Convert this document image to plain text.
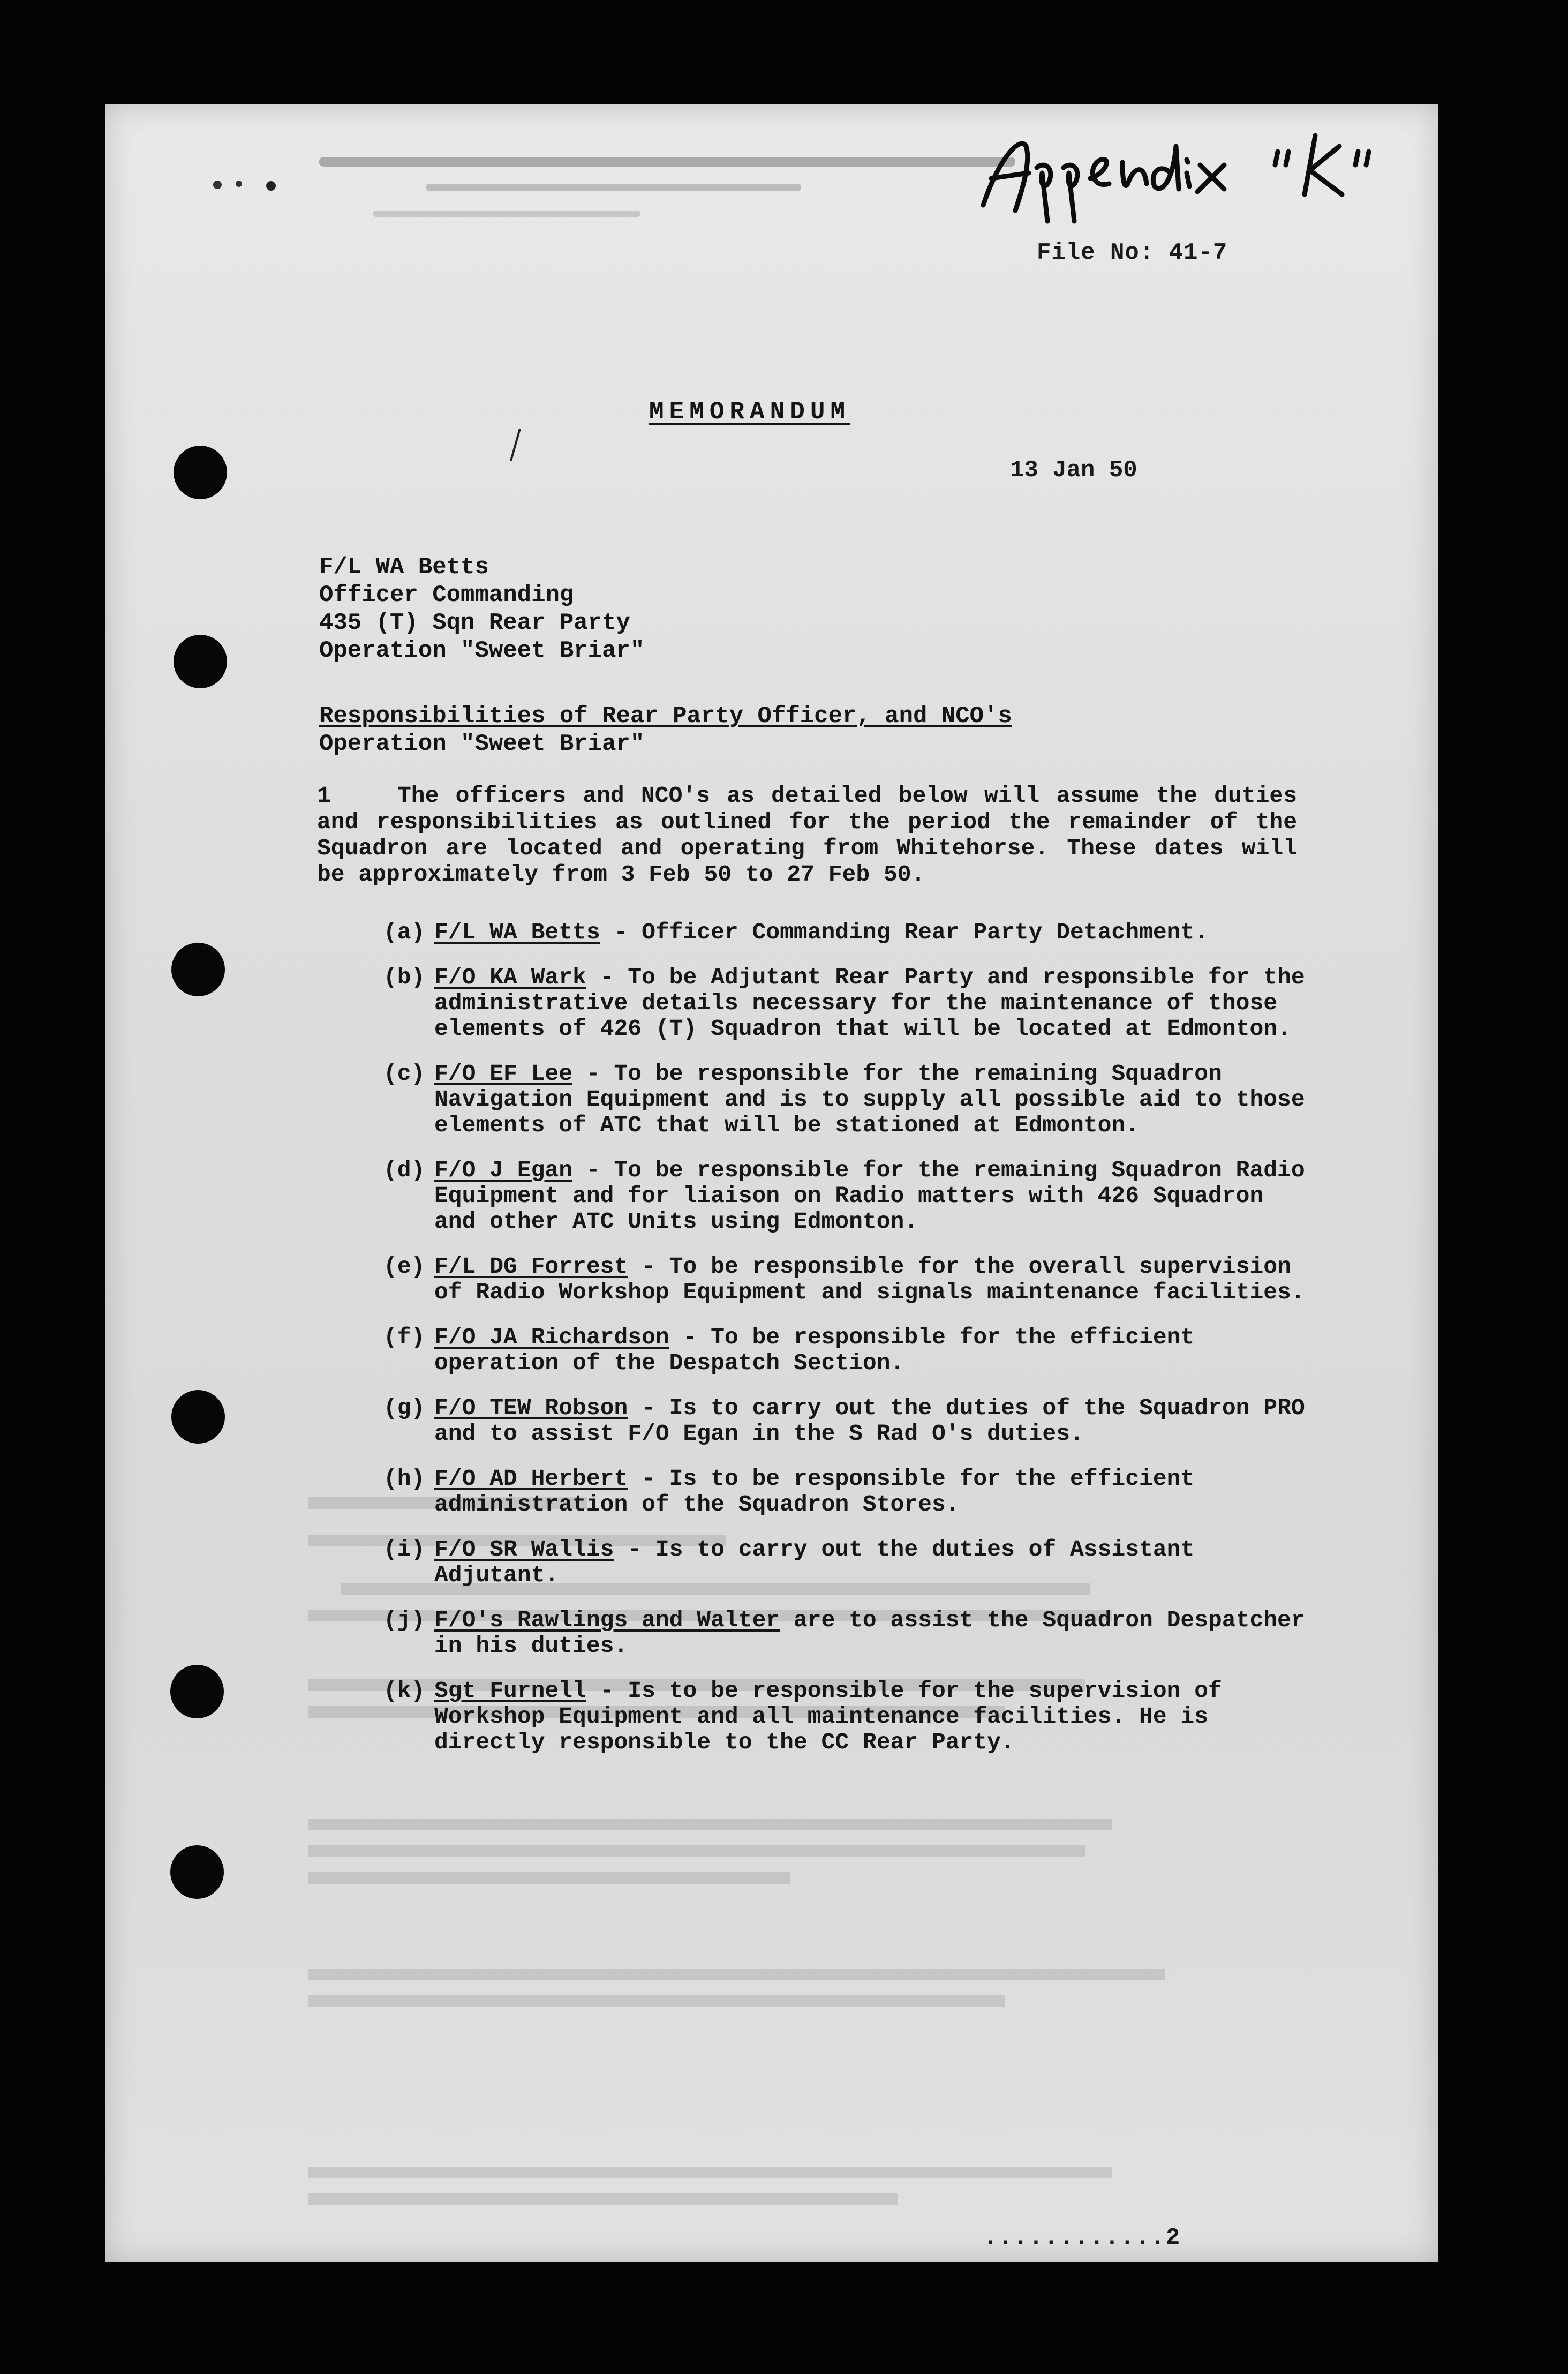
File No: 41-7
MEMORANDUM
13 Jan 50
F/L WA Betts
Officer Commanding
435 (T) Sqn Rear Party
Operation "Sweet Briar"
Responsibilities of Rear Party Officer, and NCO's
Operation "Sweet Briar"
1	The officers and NCO's as detailed below will assume the duties and responsibilities as outlined for the period the remainder of the Squadron are located and operating from Whitehorse. These dates will be approximately from 3 Feb 50 to 27 Feb 50.
(a) F/L WA Betts - Officer Commanding Rear Party Detachment.
(b) F/O KA Wark - To be Adjutant Rear Party and responsible for the administrative details necessary for the maintenance of those elements of 426 (T) Squadron that will be located at Edmonton.
(c) F/O EF Lee - To be responsible for the remaining Squadron Navigation Equipment and is to supply all possible aid to those elements of ATC that will be stationed at Edmonton.
(d) F/O J Egan - To be responsible for the remaining Squadron Radio Equipment and for liaison on Radio matters with 426 Squadron and other ATC Units using Edmonton.
(e) F/L DG Forrest - To be responsible for the overall supervision of Radio Workshop Equipment and signals maintenance facilities.
(f) F/O JA Richardson - To be responsible for the efficient operation of the Despatch Section.
(g) F/O TEW Robson - Is to carry out the duties of the Squadron PRO and to assist F/O Egan in the S Rad O's duties.
(h) F/O AD Herbert - Is to be responsible for the efficient administration of the Squadron Stores.
(i) F/O SR Wallis - Is to carry out the duties of Assistant Adjutant.
(j) F/O's Rawlings and Walter are to assist the Squadron Despatcher in his duties.
(k) Sgt Furnell - Is to be responsible for the supervision of Workshop Equipment and all maintenance facilities. He is directly responsible to the CC Rear Party.
............2
